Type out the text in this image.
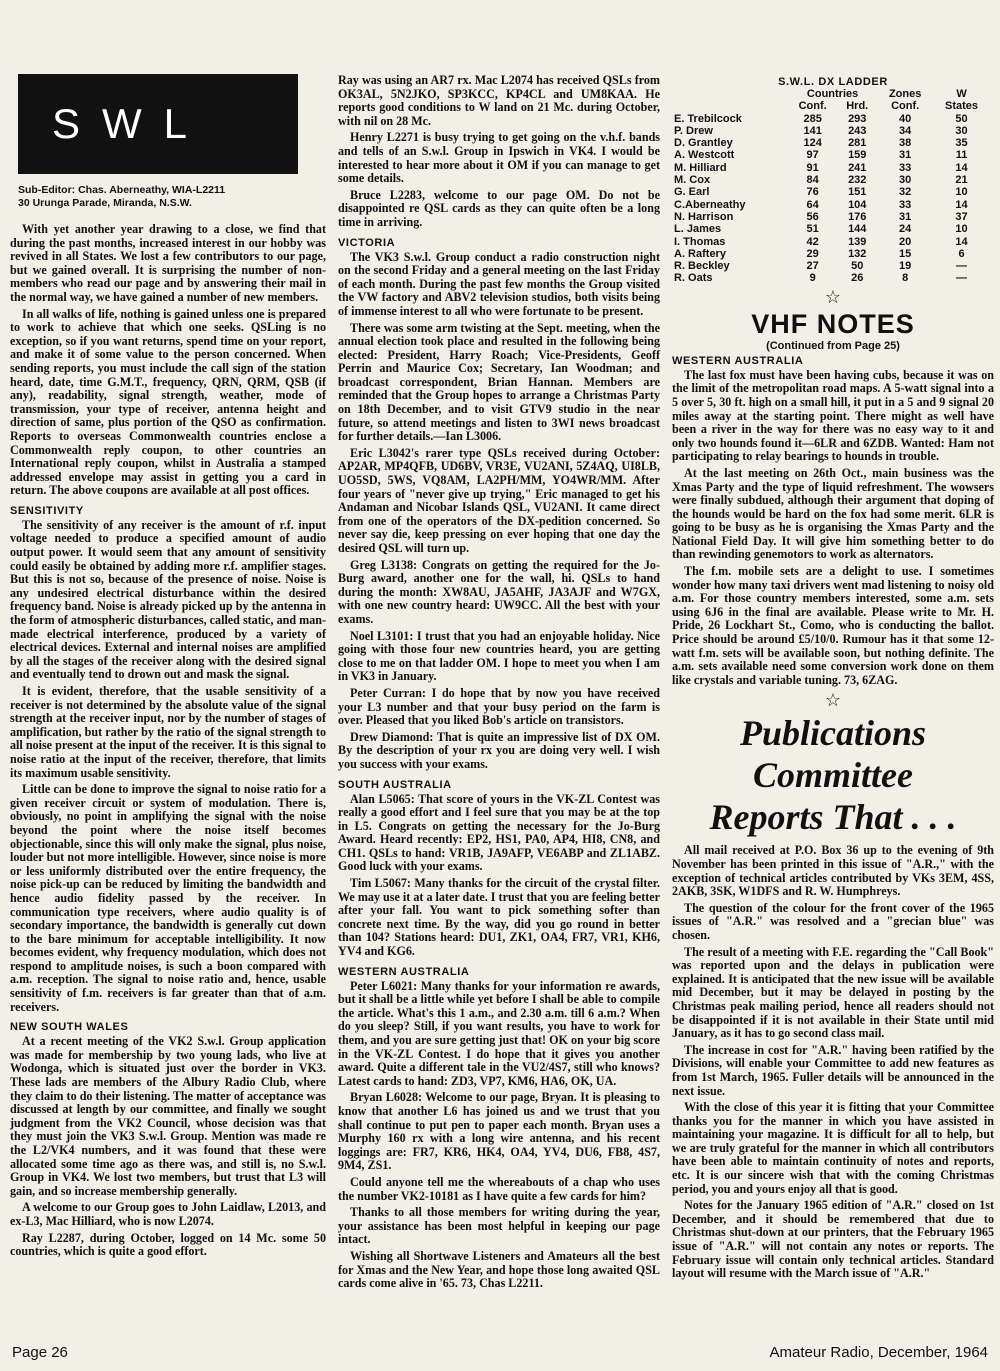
SWL
Sub-Editor: Chas. Aberneathy, WIA-L2211
30 Urunga Parade, Miranda, N.S.W.

With yet another year drawing to a close, we find that during the past months, increased interest in our hobby was revived in all States. We lost a few contributors to our page, but we gained overall. It is surprising the number of non-members who read our page and by answering their mail in the normal way, we have gained a number of new members.

In all walks of life, nothing is gained unless one is prepared to work to achieve that which one seeks. QSLing is no exception, so if you want returns, spend time on your report, and make it of some value to the person concerned. When sending reports, you must include the call sign of the station heard, date, time G.M.T., frequency, QRN, QRM, QSB (if any), readability, signal strength, weather, mode of transmission, your type of receiver, antenna height and direction of same, plus portion of the QSO as confirmation. Reports to overseas Commonwealth countries enclose a Commonwealth reply coupon, to other countries an International reply coupon, whilst in Australia a stamped addressed envelope may assist in getting you a card in return. The above coupons are available at all post offices.

SENSITIVITY

The sensitivity of any receiver is the amount of r.f. input voltage needed to produce a specified amount of audio output power. It would seem that any amount of sensitivity could easily be obtained by adding more r.f. amplifier stages. But this is not so, because of the presence of noise. Noise is any undesired electrical disturbance within the desired frequency band. Noise is already picked up by the antenna in the form of atmospheric disturbances, called static, and man-made electrical interference, produced by a variety of electrical devices. External and internal noises are amplified by all the stages of the receiver along with the desired signal and eventually tend to drown out and mask the signal.

It is evident, therefore, that the usable sensitivity of a receiver is not determined by the absolute value of the signal strength at the receiver input, nor by the number of stages of amplification, but rather by the ratio of the signal strength to all noise present at the input of the receiver. It is this signal to noise ratio at the input of the receiver, therefore, that limits its maximum usable sensitivity.

Little can be done to improve the signal to noise ratio for a given receiver circuit or system of modulation. There is, obviously, no point in amplifying the signal with the noise beyond the point where the noise itself becomes objectionable, since this will only make the signal, plus noise, louder but not more intelligible. However, since noise is more or less uniformly distributed over the entire frequency, the noise pick-up can be reduced by limiting the bandwidth and hence audio fidelity passed by the receiver. In communication type receivers, where audio quality is of secondary importance, the bandwidth is generally cut down to the bare minimum for acceptable intelligibility. It now becomes evident, why frequency modulation, which does not respond to amplitude noises, is such a boon compared with a.m. reception. The signal to noise ratio and, hence, usable sensitivity of f.m. receivers is far greater than that of a.m. receivers.

NEW SOUTH WALES

At a recent meeting of the VK2 S.w.l. Group application was made for membership by two young lads, who live at Wodonga, which is situated just over the border in VK3. These lads are members of the Albury Radio Club, where they claim to do their listening. The matter of acceptance was discussed at length by our committee, and finally we sought judgment from the VK2 Council, whose decision was that they must join the VK3 S.w.l. Group. Mention was made re the L2/VK4 numbers, and it was found that these were allocated some time ago as there was, and still is, no S.w.l. Group in VK4. We lost two members, but trust that L3 will gain, and so increase membership generally.

A welcome to our Group goes to John Laidlaw, L2013, and ex-L3, Mac Hilliard, who is now L2074.

Ray L2287, during October, logged on 14 Mc. some 50 countries, which is quite a good effort.

Ray was using an AR7 rx. Mac L2074 has received QSLs from OK3AL, 5N2JKO, SP3KCC, KP4CL and UM8KAA. He reports good conditions to W land on 21 Mc. during October, with nil on 28 Mc.

Henry L2271 is busy trying to get going on the v.h.f. bands and tells of an S.w.l. Group in Ipswich in VK4. I would be interested to hear more about it OM if you can manage to get some details.

Bruce L2283, welcome to our page OM. Do not be disappointed re QSL cards as they can quite often be a long time in arriving.

VICTORIA

The VK3 S.w.l. Group conduct a radio construction night on the second Friday and a general meeting on the last Friday of each month. During the past few months the Group visited the VW factory and ABV2 television studios, both visits being of immense interest to all who were fortunate to be present.

There was some arm twisting at the Sept. meeting, when the annual election took place and resulted in the following being elected: President, Harry Roach; Vice-Presidents, Geoff Perrin and Maurice Cox; Secretary, Ian Woodman; and broadcast correspondent, Brian Hannan. Members are reminded that the Group hopes to arrange a Christmas Party on 18th December, and to visit GTV9 studio in the near future, so attend meetings and listen to 3WI news broadcast for further details.—Ian L3006.

Eric L3042's rarer type QSLs received during October: AP2AR, MP4QFB, UD6BV, VR3E, VU2ANI, 5Z4AQ, UI8LB, UO5SD, 5WS, VQ8AM, LA2PH/MM, YO4WR/MM. After four years of "never give up trying," Eric managed to get his Andaman and Nicobar Islands QSL, VU2ANI. It came direct from one of the operators of the DX-pedition concerned. So never say die, keep pressing on ever hoping that one day the desired QSL will turn up.

Greg L3138: Congrats on getting the required for the Jo-Burg award, another one for the wall, hi. QSLs to hand during the month: XW8AU, JA5AHF, JA3AJF and W7GX, with one new country heard: UW9CC. All the best with your exams.

Noel L3101: I trust that you had an enjoyable holiday. Nice going with those four new countries heard, you are getting close to me on that ladder OM. I hope to meet you when I am in VK3 in January.

Peter Curran: I do hope that by now you have received your L3 number and that your busy period on the farm is over. Pleased that you liked Bob's article on transistors.

Drew Diamond: That is quite an impressive list of DX OM. By the description of your rx you are doing very well. I wish you success with your exams.

SOUTH AUSTRALIA

Alan L5065: That score of yours in the VK-ZL Contest was really a good effort and I feel sure that you may be at the top in L5. Congrats on getting the necessary for the Jo-Burg Award. Heard recently: EP2, HS1, PA0, AP4, HI8, CN8, and CH1. QSLs to hand: VR1B, JA9AFP, VE6ABP and ZL1ABZ. Good luck with your exams.

Tim L5067: Many thanks for the circuit of the crystal filter. We may use it at a later date. I trust that you are feeling better after your fall. You want to pick something softer than concrete next time. By the way, did you go round in better than 104? Stations heard: DU1, ZK1, OA4, FR7, VR1, KH6, YV4 and KG6.

WESTERN AUSTRALIA

Peter L6021: Many thanks for your information re awards, but it shall be a little while yet before I shall be able to compile the article. What's this 1 a.m., and 2.30 a.m. till 6 a.m.? When do you sleep? Still, if you want results, you have to work for them, and you are sure getting just that! OK on your big score in the VK-ZL Contest. I do hope that it gives you another award. Quite a different tale in the VU2/4S7, still who knows? Latest cards to hand: ZD3, VP7, KM6, HA6, OK, UA.

Bryan L6028: Welcome to our page, Bryan. It is pleasing to know that another L6 has joined us and we trust that you shall continue to put pen to paper each month. Bryan uses a Murphy 160 rx with a long wire antenna, and his recent loggings are: FR7, KR6, HK4, OA4, YV4, DU6, FB8, 4S7, 9M4, ZS1.

Could anyone tell me the whereabouts of a chap who uses the number VK2-10181 as I have quite a few cards for him?

Thanks to all those members for writing during the year, your assistance has been most helpful in keeping our page intact.

Wishing all Shortwave Listeners and Amateurs all the best for Xmas and the New Year, and hope those long awaited QSL cards come alive in '65. 73, Chas L2211.

S.W.L. DX LADDER
	Countries		Zones	W
	Conf.	Hrd.	Conf.	States
E. Trebilcock	285	293	40	50
P. Drew	141	243	34	30
D. Grantley	124	281	38	35
A. Westcott	97	159	31	11
M. Hilliard	91	241	33	14
M. Cox	84	232	30	21
G. Earl	76	151	32	10
C.Aberneathy	64	104	33	14
N. Harrison	56	176	31	37
L. James	51	144	24	10
I. Thomas	42	139	20	14
A. Raftery	29	132	15	6
R. Beckley	27	50	19	—
R. Oats	9	26	8	—
☆
VHF NOTES
(Continued from Page 25)
WESTERN AUSTRALIA

The last fox must have been having cubs, because it was on the limit of the metropolitan road maps. A 5-watt signal into a 5 over 5, 30 ft. high on a small hill, it put in a 5 and 9 signal 20 miles away at the starting point. There might as well have been a river in the way for there was no easy way to it and only two hounds found it—6LR and 6ZDB. Wanted: Ham not participating to relay bearings to hounds in trouble.

At the last meeting on 26th Oct., main business was the Xmas Party and the type of liquid refreshment. The wowsers were finally subdued, although their argument that doping of the hounds would be hard on the fox had some merit. 6LR is going to be busy as he is organising the Xmas Party and the National Field Day. It will give him something better to do than rewinding genemotors to work as alternators.

The f.m. mobile sets are a delight to use. I sometimes wonder how many taxi drivers went mad listening to noisy old a.m. For those country members interested, some a.m. sets using 6J6 in the final are available. Please write to Mr. H. Pride, 26 Lockhart St., Como, who is conducting the ballot. Price should be around £5/10/0. Rumour has it that some 12-watt f.m. sets will be available soon, but nothing definite. The a.m. sets available need some conversion work done on them like crystals and variable tuning. 73, 6ZAG.

☆
Publications Committee
Reports That . . .

All mail received at P.O. Box 36 up to the evening of 9th November has been printed in this issue of "A.R.," with the exception of technical articles contributed by VKs 3EM, 4SS, 2AKB, 3SK, W1DFS and R. W. Humphreys.

The question of the colour for the front cover of the 1965 issues of "A.R." was resolved and a "grecian blue" was chosen.

The result of a meeting with F.E. regarding the "Call Book" was reported upon and the delays in publication were explained. It is anticipated that the new issue will be available mid December, but it may be delayed in posting by the Christmas peak mailing period, hence all readers should not be disappointed if it is not available in their State until mid January, as it has to go second class mail.

The increase in cost for "A.R." having been ratified by the Divisions, will enable your Committee to add new features as from 1st March, 1965. Fuller details will be announced in the next issue.

With the close of this year it is fitting that your Committee thanks you for the manner in which you have assisted in maintaining your magazine. It is difficult for all to help, but we are truly grateful for the manner in which all contributors have been able to maintain continuity of notes and reports, etc. It is our sincere wish that with the coming Christmas period, you and yours enjoy all that is good.

Notes for the January 1965 edition of "A.R." closed on 1st December, and it should be remembered that due to Christmas shut-down at our printers, that the February 1965 issue of "A.R." will not contain any notes or reports. The February issue will contain only technical articles. Standard layout will resume with the March issue of "A.R."

Page 26	Amateur Radio, December, 1964
